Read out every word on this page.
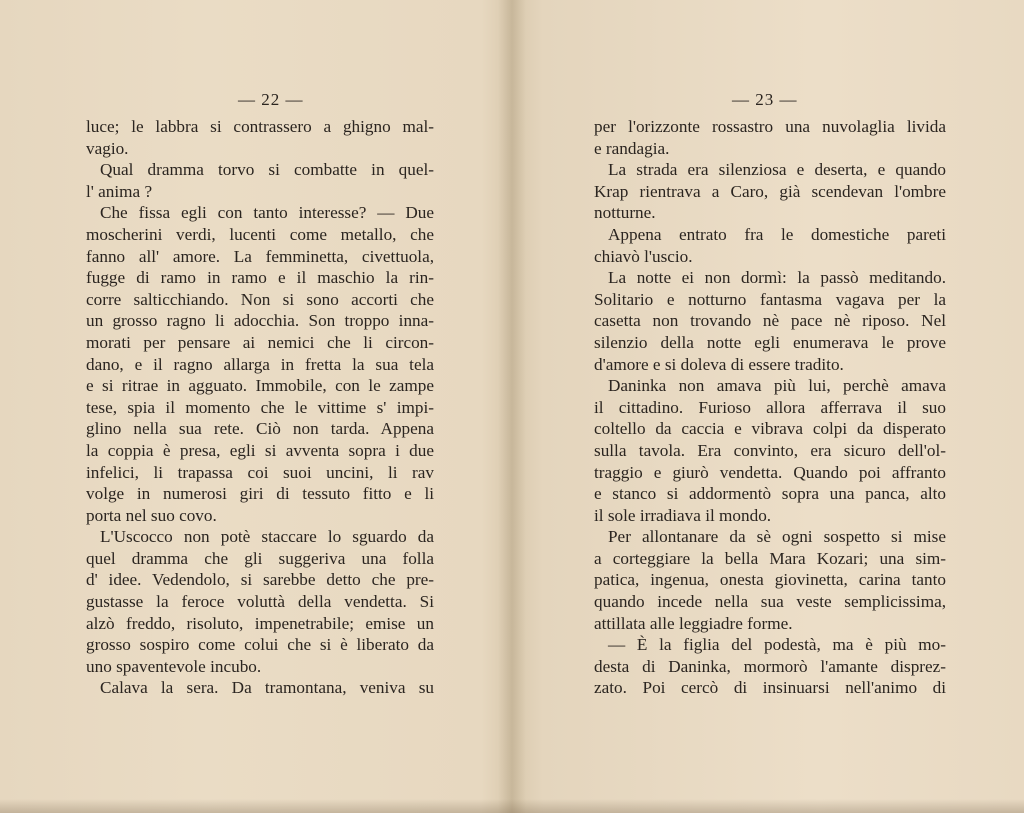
— 22 —
luce; le labbra si contrassero a ghigno mal-
vagio.
Qual dramma torvo si combatte in quel-
l' anima ?
Che fissa egli con tanto interesse? — Due
moscherini verdi, lucenti come metallo, che
fanno all' amore. La femminetta, civettuola,
fugge di ramo in ramo e il maschio la rin-
corre salticchiando. Non si sono accorti che
un grosso ragno li adocchia. Son troppo inna-
morati per pensare ai nemici che li circon-
dano, e il ragno allarga in fretta la sua tela
e si ritrae in agguato. Immobile, con le zampe
tese, spia il momento che le vittime s' impi-
glino nella sua rete. Ciò non tarda. Appena
la coppia è presa, egli si avventa sopra i due
infelici, li trapassa coi suoi uncini, li rav
volge in numerosi giri di tessuto fitto e li
porta nel suo covo.
L'Uscocco non potè staccare lo sguardo da
quel dramma che gli suggeriva una folla
d' idee. Vedendolo, si sarebbe detto che pre-
gustasse la feroce voluttà della vendetta. Si
alzò freddo, risoluto, impenetrabile; emise un
grosso sospiro come colui che si è liberato da
uno spaventevole incubo.
Calava la sera. Da tramontana, veniva su
— 23 —
per l'orizzonte rossastro una nuvolaglia livida
e randagia.
La strada era silenziosa e deserta, e quando
Krap rientrava a Caro, già scendevan l'ombre
notturne.
Appena entrato fra le domestiche pareti
chiavò l'uscio.
La notte ei non dormì: la passò meditando.
Solitario e notturno fantasma vagava per la
casetta non trovando nè pace nè riposo. Nel
silenzio della notte egli enumerava le prove
d'amore e si doleva di essere tradito.
Daninka non amava più lui, perchè amava
il cittadino. Furioso allora afferrava il suo
coltello da caccia e vibrava colpi da disperato
sulla tavola. Era convinto, era sicuro dell'ol-
traggio e giurò vendetta. Quando poi affranto
e stanco si addormentò sopra una panca, alto
il sole irradiava il mondo.
Per allontanare da sè ogni sospetto si mise
a corteggiare la bella Mara Kozari; una sim-
patica, ingenua, onesta giovinetta, carina tanto
quando incede nella sua veste semplicissima,
attillata alle leggiadre forme.
— È la figlia del podestà, ma è più mo-
desta di Daninka, mormorò l'amante disprez-
zato. Poi cercò di insinuarsi nell'animo di
